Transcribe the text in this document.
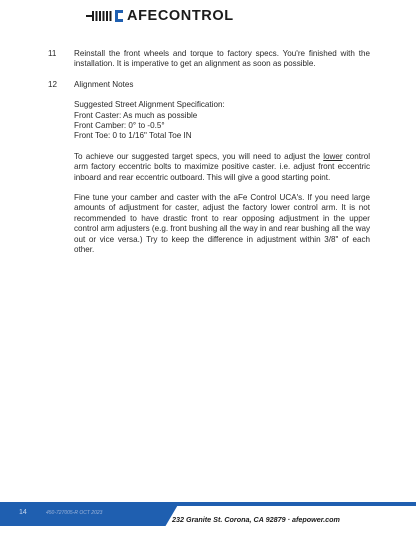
AFECONTROL
11 Reinstall the front wheels and torque to factory specs. You're finished with the installation. It is imperative to get an alignment as soon as possible.
12 Alignment Notes
Suggested Street Alignment Specification:
Front Caster: As much as possible
Front Camber: 0° to -0.5°
Front Toe: 0 to 1/16" Total Toe IN
To achieve our suggested target specs, you will need to adjust the lower control arm factory eccentric bolts to maximize positive caster. i.e. adjust front eccentric inboard and rear eccentric outboard. This will give a good starting point.
Fine tune your camber and caster with the aFe Control UCA's. If you need large amounts of adjustment for caster, adjust the factory lower control arm. It is not recommended to have drastic front to rear opposing adjustment in the upper control arm adjusters (e.g. front bushing all the way in and rear bushing all the way out or vice versa.) Try to keep the difference in adjustment within 3/8" of each other.
14	450-727005-R OCT 2023
232 Granite St. Corona, CA 92879 · afepower.com
